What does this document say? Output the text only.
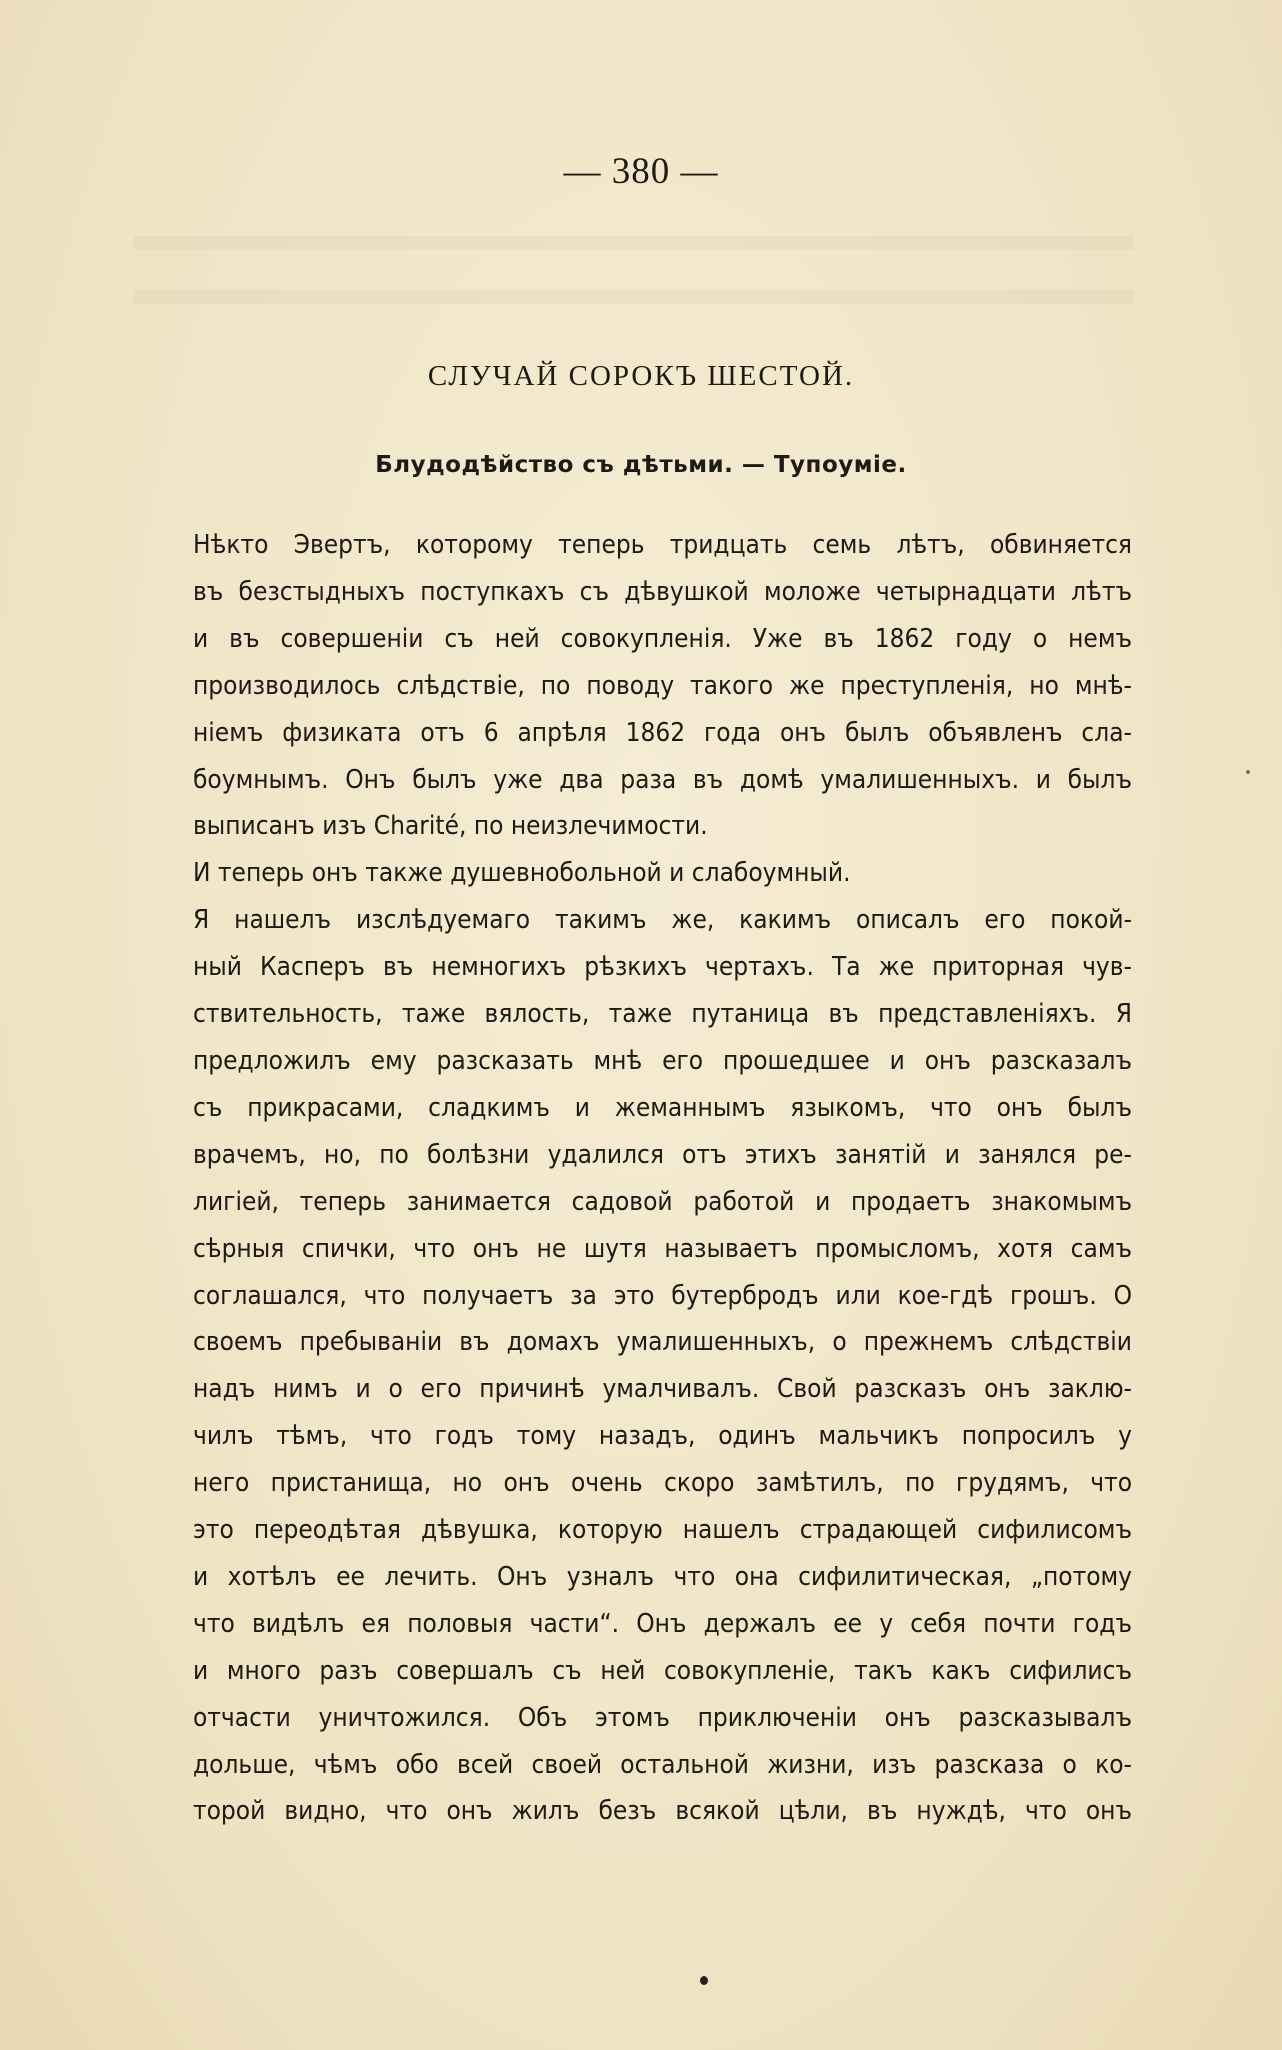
— 380 —
СЛУЧАЙ СОРОКЪ ШЕСТОЙ.
Блудодѣйство съ дѣтьми. — Тупоумiе.

Нѣкто Эвертъ, которому теперь тридцать семь лѣтъ, обвиняется
въ безстыдныхъ поступкахъ съ дѣвушкой моложе четырнадцати лѣтъ
и въ совершенiи съ ней совокупленiя. Уже въ 1862 году о немъ
производилось слѣдствiе, по поводу такого же преступленiя, но мнѣ-
нiемъ физиката отъ 6 апрѣля 1862 года онъ былъ объявленъ сла-
боумнымъ. Онъ былъ уже два раза въ домѣ умалишенныхъ. и былъ
выписанъ изъ Charité, по неизлечимости.

И теперь онъ также душевнобольной и слабоумный.

Я нашелъ изслѣдуемаго такимъ же, какимъ описалъ его покой-
ный Касперъ въ немногихъ рѣзкихъ чертахъ. Та же приторная чув-
ствительность, таже вялость, таже путаница въ представленiяхъ. Я
предложилъ ему разсказать мнѣ его прошедшее и онъ разсказалъ
съ прикрасами, сладкимъ и жеманнымъ языкомъ, что онъ былъ
врачемъ, но, по болѣзни удалился отъ этихъ занятiй и занялся ре-
лигiей, теперь занимается садовой работой и продаетъ знакомымъ
сѣрныя спички, что онъ не шутя называетъ промысломъ, хотя самъ
соглашался, что получаетъ за это бутербродъ или кое-гдѣ грошъ. О
своемъ пребыванiи въ домахъ умалишенныхъ, о прежнемъ слѣдствiи
надъ нимъ и о его причинѣ умалчивалъ. Свой разсказъ онъ заклю-
чилъ тѣмъ, что годъ тому назадъ, одинъ мальчикъ попросилъ у
него пристанища, но онъ очень скоро замѣтилъ, по грудямъ, что
это переодѣтая дѣвушка, которую нашелъ страдающей сифилисомъ
и хотѣлъ ее лечить. Онъ узналъ что она сифилитическая, „потому
что видѣлъ ея половыя части“. Онъ держалъ ее у себя почти годъ
и много разъ совершалъ съ ней совокупленiе, такъ какъ сифилисъ
отчасти уничтожился. Объ этомъ приключенiи онъ разсказывалъ
дольше, чѣмъ обо всей своей остальной жизни, изъ разсказа о ко-
торой видно, что онъ жилъ безъ всякой цѣли, въ нуждѣ, что онъ
